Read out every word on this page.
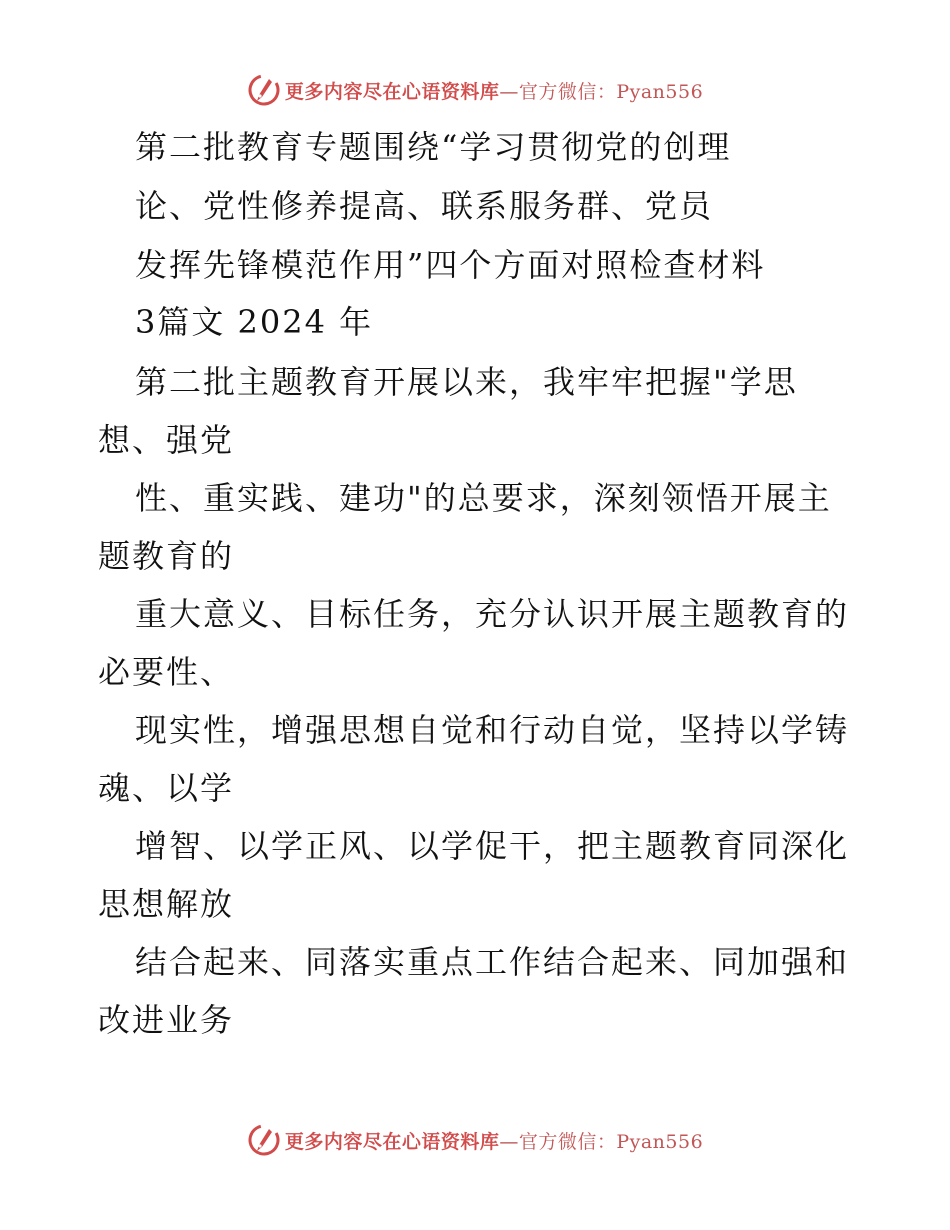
更多内容尽在心语资料库—官方微信：Pyan556

第二批教育专题围绕“学习贯彻党的创理

论、党性修养提高、联系服务群、党员

发挥先锋模范作用”四个方面对照检查材料

3篇文 2024 年

第二批主题教育开展以来，我牢牢把握"学思

想、强党

性、重实践、建功"的总要求，深刻领悟开展主

题教育的

重大意义、目标任务，充分认识开展主题教育的

必要性、

现实性，增强思想自觉和行动自觉，坚持以学铸

魂、以学

增智、以学正风、以学促干，把主题教育同深化

思想解放

结合起来、同落实重点工作结合起来、同加强和

改进业务

更多内容尽在心语资料库—官方微信：Pyan556
